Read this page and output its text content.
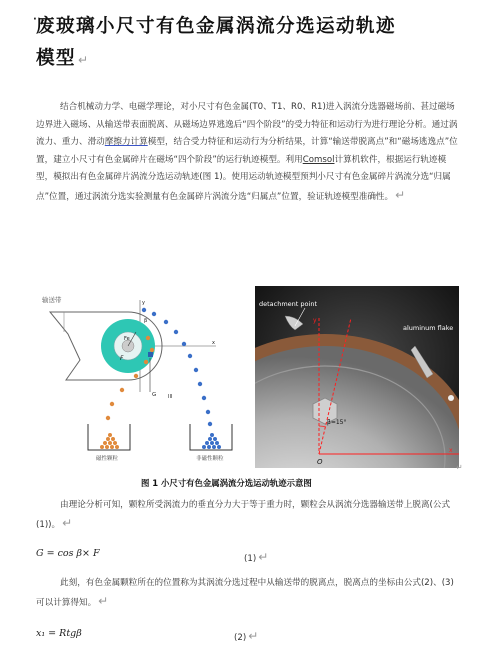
· 废玻璃小尺寸有色金属涡流分选运动轨迹
模型 ↵
结合机械动力学、电磁学理论，对小尺寸有色金属(T0、T1、R0、R1)进入涡流分选器磁场前、甚过磁场边界进入磁场、从输送带表面脱离、从磁场边界逃逸后“四个阶段”的受力特征和运动行为进行理论分析。通过涡流力、重力、滑动摩擦力计算模型，结合受力特征和运动行为分析结果，计算“输送带脱离点”和“磁场逃逸点”位置，建立小尺寸有色金属碎片在磁场“四个阶段”的运行轨迹模型。利用Comsol计算机软件，根据运行轨迹模型，模拟出有色金属碎片涡流分选运动轨迹(图 1)。使用运动轨迹模型预判小尺寸有色金属碎片涡流分选“归属点”位置，通过涡流分选实验测量有色金属碎片涡流分选“归属点”位置，验证轨迹模型准确性。 ↵
输送带
F
Fe
G III
β
y
x
磁性颗粒	非磁性颗粒
β=15°
O
x
y
detachment point
aluminum flake
图 1 小尺寸有色金属涡流分选运动轨迹示意图
↵
由理论分析可知，颗粒所受涡流力的垂直分力大于等于重力时，颗粒会从涡流分选器输送带上脱离(公式(1))。 ↵
G = cos β× F	(1) ↵
此刻，有色金属颗粒所在的位置称为其涡流分选过程中从输送带的脱离点，脱离点的坐标由公式(2)、(3)可以计算得知。 ↵
x₁ = Rtgβ	(2) ↵
